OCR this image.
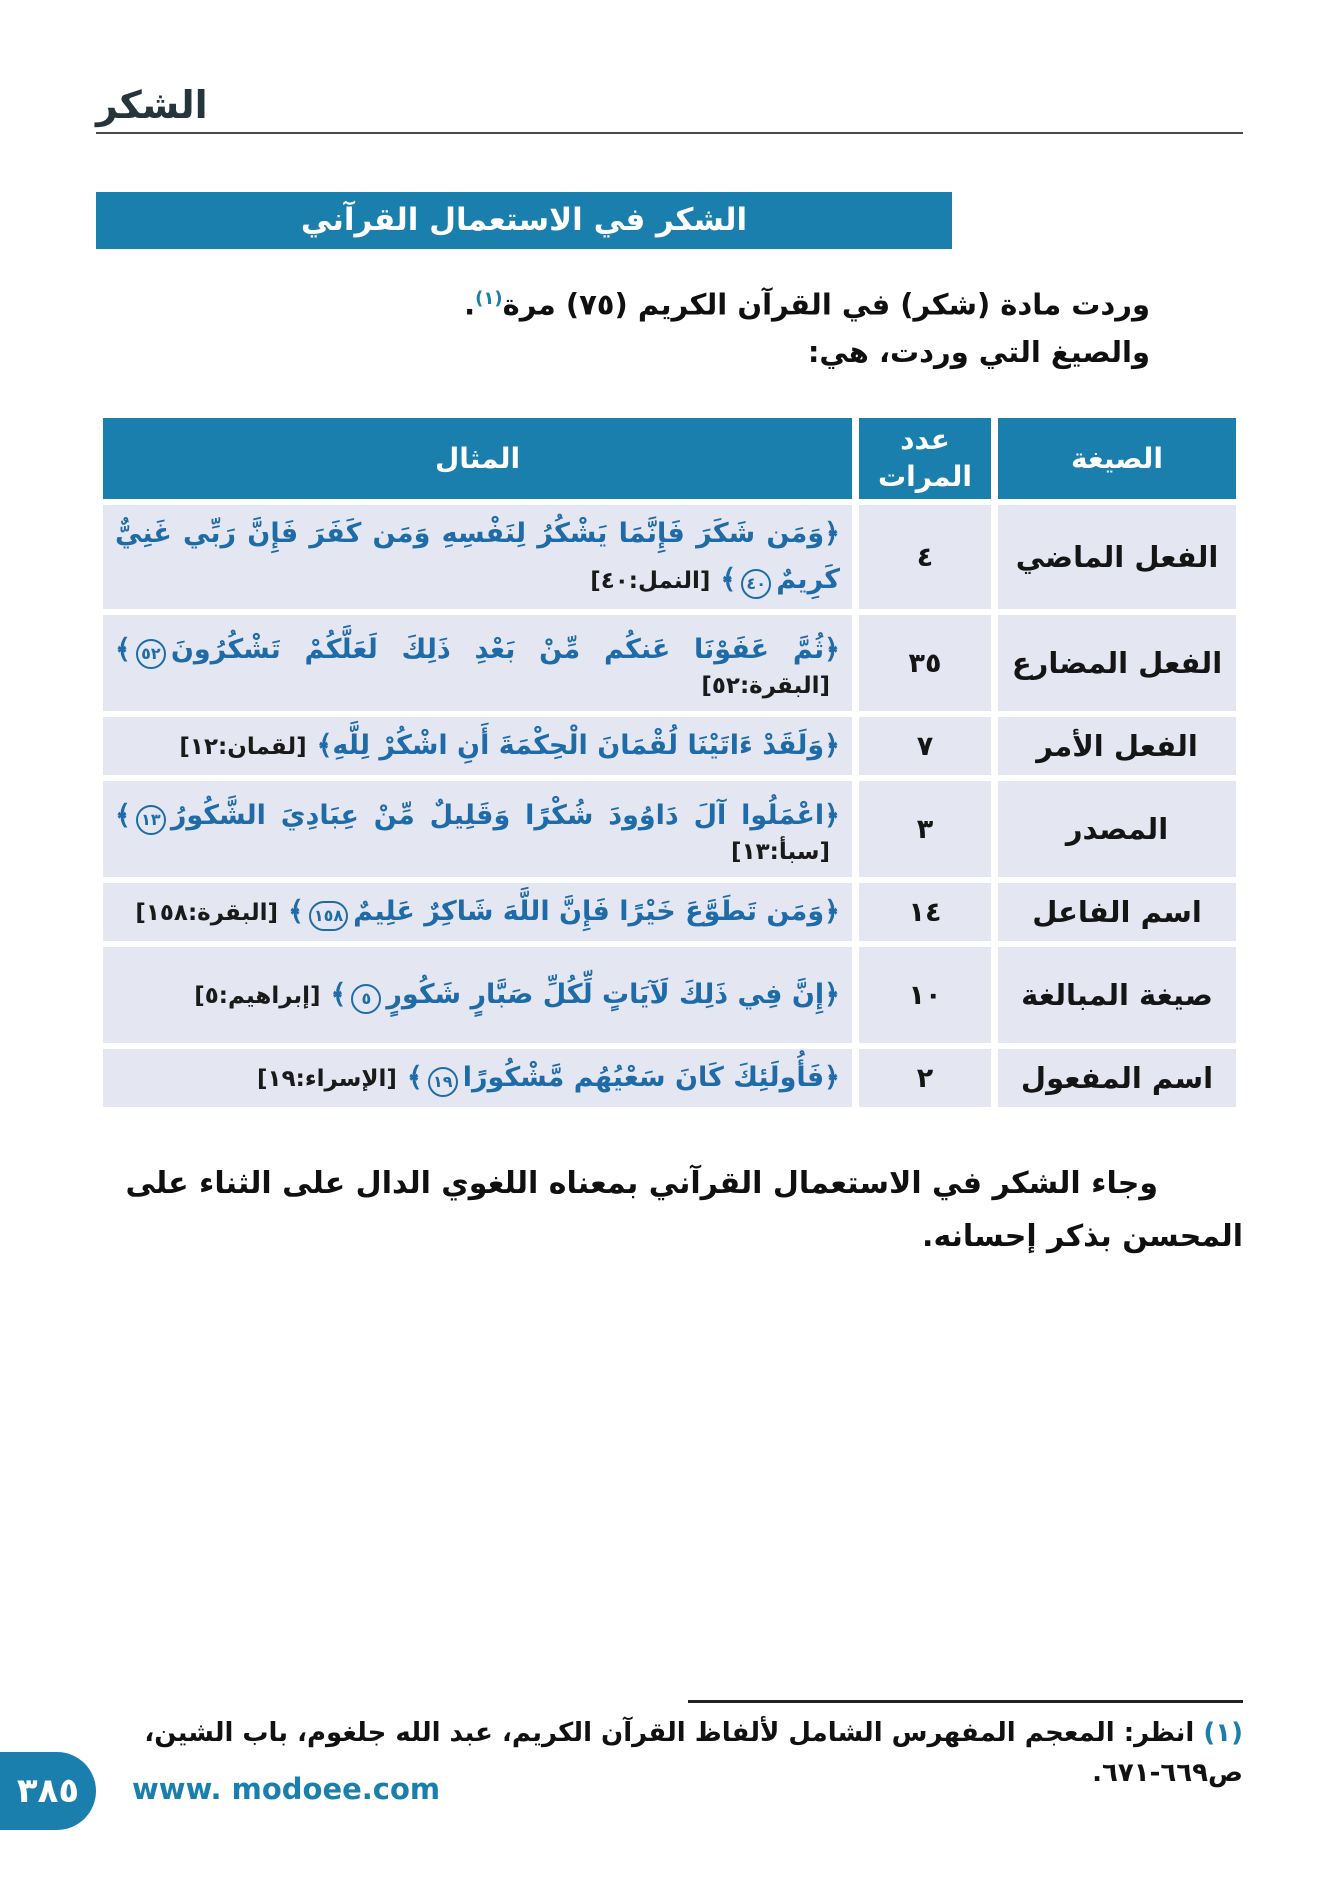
الشكر
الشكر في الاستعمال القرآني
وردت مادة (شكر) في القرآن الكريم (٧٥) مرة$^{(١)}$.
والصيغ التي وردت، هي:
الصيغة	عدد المرات	المثال
الفعل الماضي	٤	﴿وَمَن شَكَرَ فَإِنَّمَا يَشْكُرُ لِنَفْسِهِ وَمَن كَفَرَ فَإِنَّ رَبِّي غَنِيٌّ كَرِيمٌ٤٠﴾[النمل:٤٠]
الفعل المضارع	٣٥	﴿ثُمَّ عَفَوْنَا عَنكُم مِّنْ بَعْدِ ذَلِكَ لَعَلَّكُمْ تَشْكُرُونَ٥٢﴾[البقرة:٥٢]
الفعل الأمر	٧	﴿وَلَقَدْ ءَاتَيْنَا لُقْمَانَ الْحِكْمَةَ أَنِ اشْكُرْ لِلَّهِ﴾[لقمان:١٢]
المصدر	٣	﴿اعْمَلُوا آلَ دَاوُودَ شُكْرًا وَقَلِيلٌ مِّنْ عِبَادِيَ الشَّكُورُ١٣﴾[سبأ:١٣]
اسم الفاعل	١٤	﴿وَمَن تَطَوَّعَ خَيْرًا فَإِنَّ اللَّهَ شَاكِرٌ عَلِيمٌ١٥٨﴾[البقرة:١٥٨]
صيغة المبالغة	١٠	﴿إِنَّ فِي ذَلِكَ لَآيَاتٍ لِّكُلِّ صَبَّارٍ شَكُورٍ٥﴾[إبراهيم:٥]
اسم المفعول	٢	﴿فَأُولَئِكَ كَانَ سَعْيُهُم مَّشْكُورًا١٩﴾[الإسراء:١٩]

وجاء الشكر في الاستعمال القرآني بمعناه اللغوي الدال على الثناء على المحسن بذكر إحسانه.

(١) انظر: المعجم المفهرس الشامل لألفاظ القرآن الكريم، عبد الله جلغوم، باب الشين، ص٦٦٩-٦٧١.
٣٨٥ www. modoee.com
